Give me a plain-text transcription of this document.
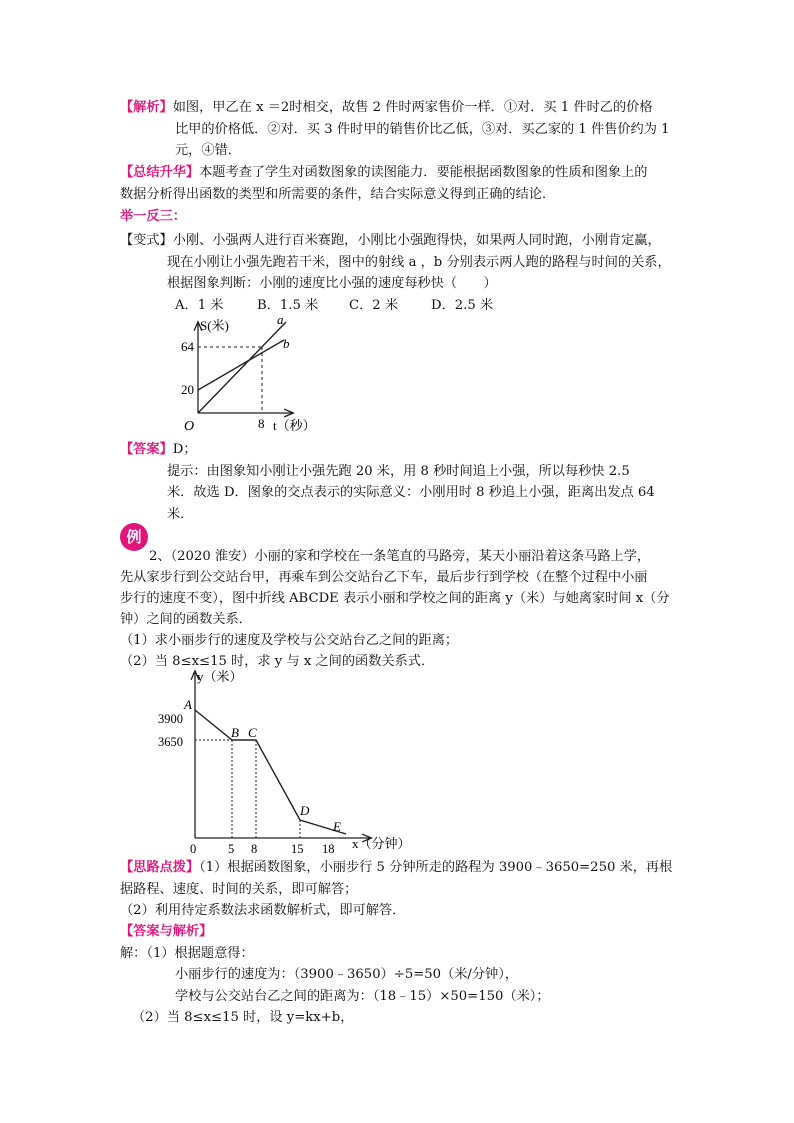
【解析】如图，甲乙在 x ＝2时相交，故售 2 件时两家售价一样．①对．买 1 件时乙的价格
比甲的价格低．②对．买 3 件时甲的销售价比乙低，③对．买乙家的 1 件售价约为 1
元，④错．
【总结升华】本题考查了学生对函数图象的读图能力．要能根据函数图象的性质和图象上的
数据分析得出函数的类型和所需要的条件，结合实际意义得到正确的结论．
举一反三：
【变式】小刚、小强两人进行百米赛跑，小刚比小强跑得快，如果两人同时跑，小刚肯定赢，
现在小刚让小强先跑若干米，图中的射线 a ，b 分别表示两人跑的路程与时间的关系，
根据图象判断：小刚的速度比小强的速度每秒快（　　）
A．1 米	B．1.5 米 C．2 米 D．2.5 米
S(米)
t（秒）
O
64
20
8
a
b
【答案】D；
提示：由图象知小刚让小强先跑 20 米，用 8 秒时间追上小强，所以每秒快 2.5
米．故选 D．图象的交点表示的实际意义：小刚用时 8 秒追上小强，距离出发点 64
米．
例
2、（2020 淮安）小丽的家和学校在一条笔直的马路旁，某天小丽沿着这条马路上学，
先从家步行到公交站台甲，再乘车到公交站台乙下车，最后步行到学校（在整个过程中小丽
步行的速度不变），图中折线 ABCDE 表示小丽和学校之间的距离 y（米）与她离家时间 x（分
钟）之间的函数关系．
（1）求小丽步行的速度及学校与公交站台乙之间的距离；
（2）当 8≤x≤15 时，求 y 与 x 之间的函数关系式．
y（米）
x（分钟）
A
B C
D
E
3900
3650
0	5 8	15 18
【思路点拨】（1）根据函数图象，小丽步行 5 分钟所走的路程为 3900﹣3650=250 米，再根
据路程、速度、时间的关系，即可解答；
（2）利用待定系数法求函数解析式，即可解答．
【答案与解析】
解：（1）根据题意得：
小丽步行的速度为：（3900﹣3650）÷5=50（米/分钟），
学校与公交站台乙之间的距离为：（18﹣15）×50=150（米）；
（2）当 8≤x≤15 时，设 y=kx+b，
